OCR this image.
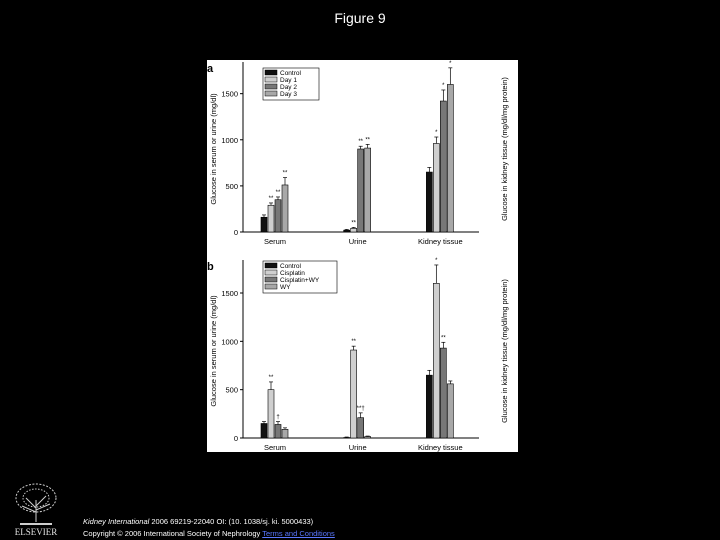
Figure 9
a
0
500
1000
1500
Glucose in serum or urine (mg/dl)	Glucose in kidney tissue (mg/dl/mg protein)
**
**
**
Serum
**
** **
Urine
*
*
*
Kidney tissue
Control
Day 1
Day 2
Day 3
b
0
500
1000
1500
Glucose in serum or urine (mg/dl)	Glucose in kidney tissue (mg/dl/mg protein)
**
†
Serum
**
**†
Urine
*
**
Kidney tissue
Control
Cisplatin
Cisplatin+WY
WY
ELSEVIER
Kidney International 2006 69219-22040 OI: (10. 1038/sj. ki. 5000433)
Copyright © 2006 International Society of Nephrology Terms and Conditions
